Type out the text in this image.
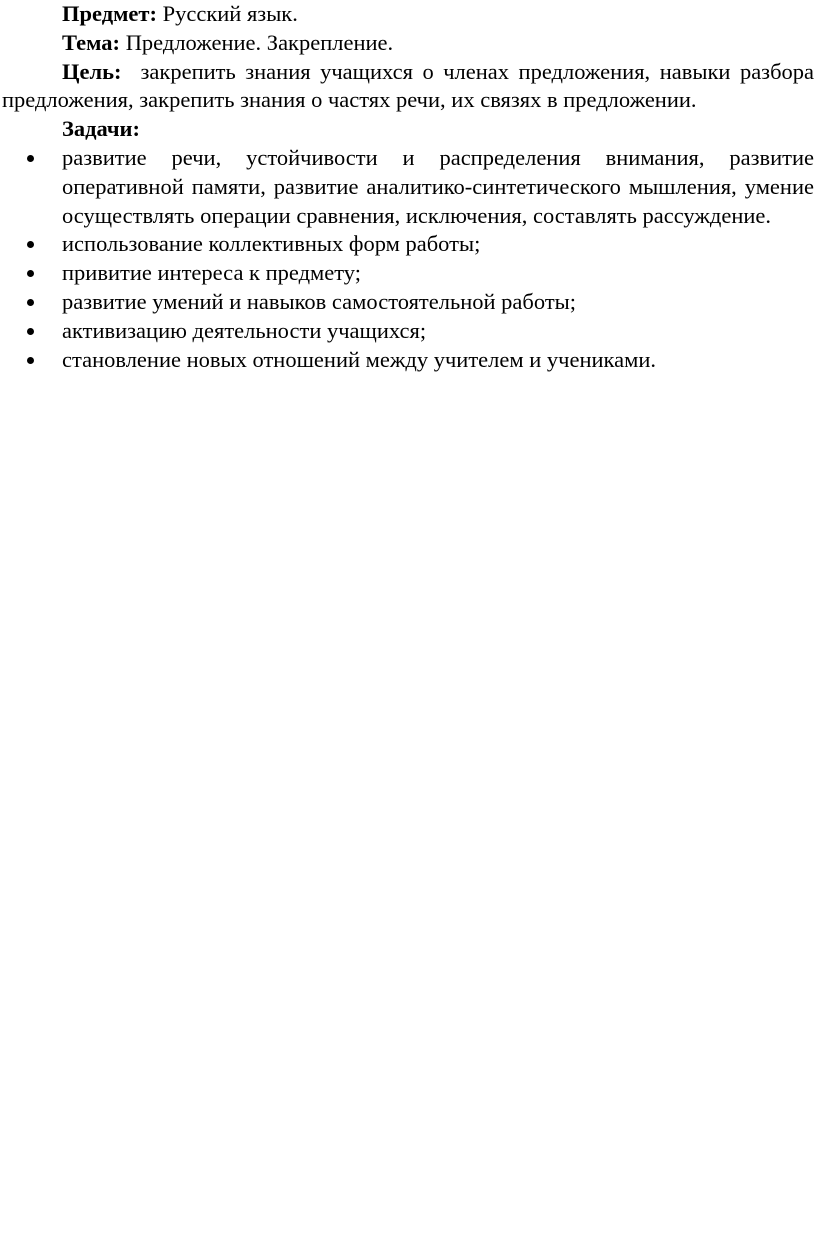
Предмет: Русский язык.

Тема: Предложение. Закрепление.

Цель: закрепить знания учащихся о членах предложения, навыки разбора предложения, закрепить знания о частях речи, их связях в предложении.

Задачи:

развитие речи, устойчивости и распределения внимания, развитие оперативной памяти, развитие аналитико-синтетического мышления, умение осуществлять операции сравнения, исключения, составлять рассуждение.
использование коллективных форм работы;
привитие интереса к предмету;
развитие умений и навыков самостоятельной работы;
активизацию деятельности учащихся;
становление новых отношений между учителем и учениками.
